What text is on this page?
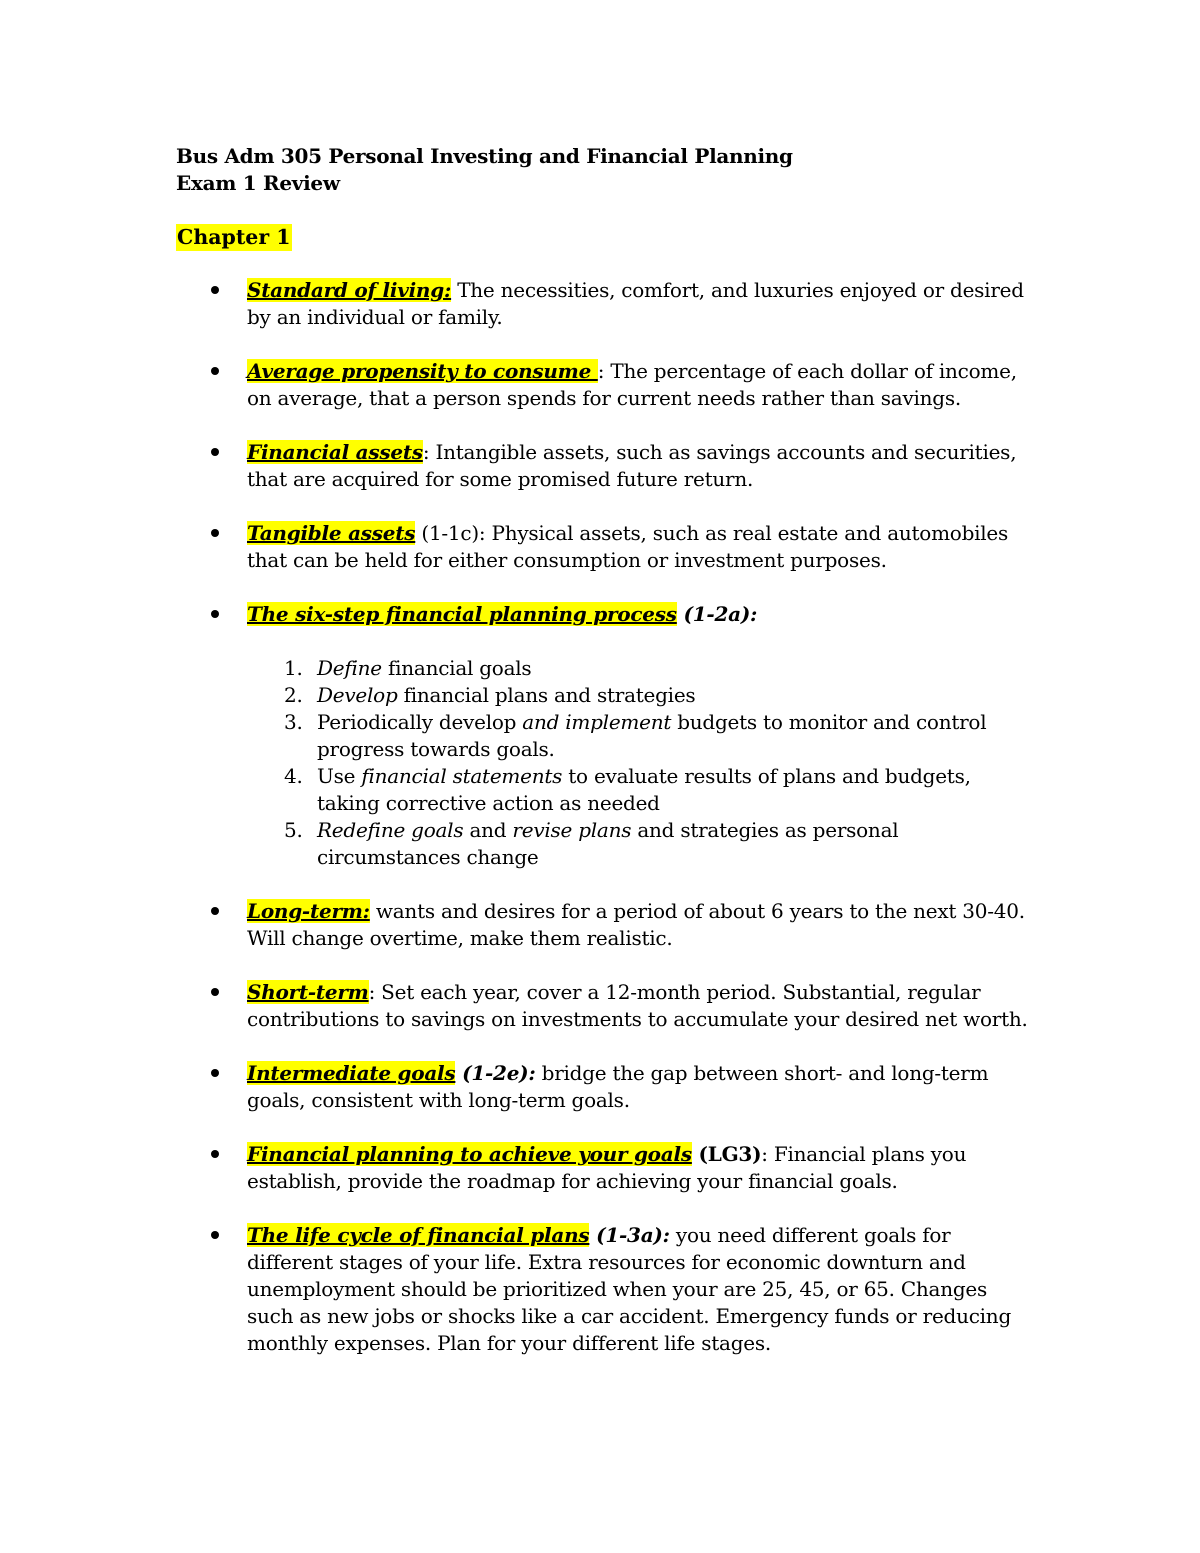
Bus Adm 305 Personal Investing and Financial Planning
Exam 1 Review
Chapter 1
Standard of living: The necessities, comfort, and luxuries enjoyed or desired by an individual or family.
Average propensity to consume : The percentage of each dollar of income, on average, that a person spends for current needs rather than savings.
Financial assets: Intangible assets, such as savings accounts and securities, that are acquired for some promised future return.
Tangible assets (1-1c): Physical assets, such as real estate and automobiles that can be held for either consumption or investment purposes.
The six-step financial planning process (1-2a):
1. Define financial goals
2. Develop financial plans and strategies
3. Periodically develop and implement budgets to monitor and control progress towards goals.
4. Use financial statements to evaluate results of plans and budgets, taking corrective action as needed
5. Redefine goals and revise plans and strategies as personal circumstances change
Long-term: wants and desires for a period of about 6 years to the next 30-40. Will change overtime, make them realistic.
Short-term: Set each year, cover a 12-month period. Substantial, regular contributions to savings on investments to accumulate your desired net worth.
Intermediate goals (1-2e): bridge the gap between short- and long-term goals, consistent with long-term goals.
Financial planning to achieve your goals (LG3): Financial plans you establish, provide the roadmap for achieving your financial goals.
The life cycle of financial plans (1-3a): you need different goals for different stages of your life. Extra resources for economic downturn and unemployment should be prioritized when your are 25, 45, or 65. Changes such as new jobs or shocks like a car accident. Emergency funds or reducing monthly expenses. Plan for your different life stages.
